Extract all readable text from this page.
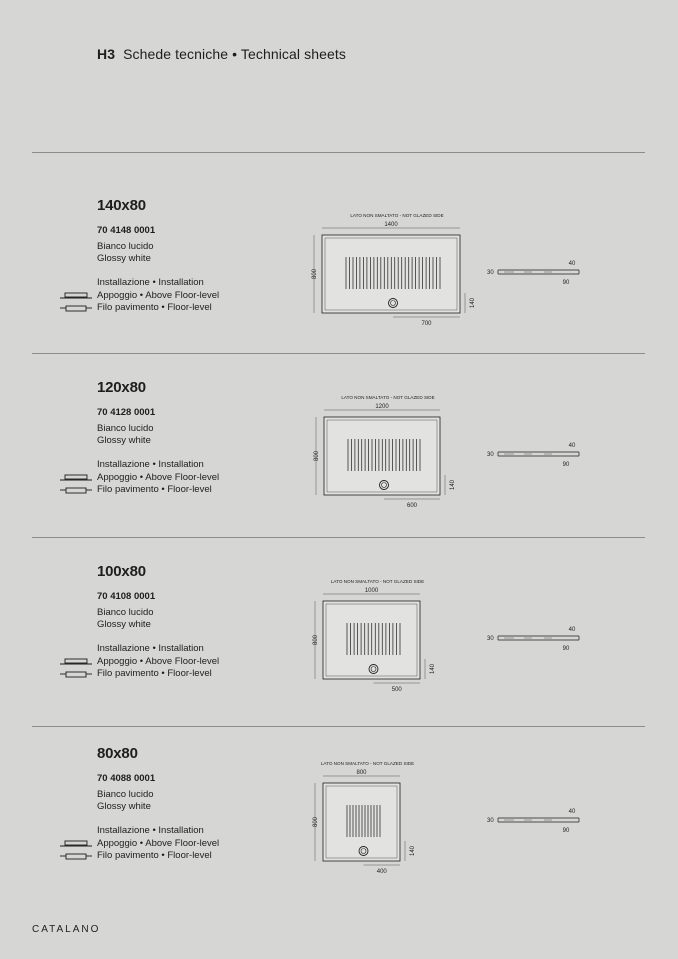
H3 Schede tecniche • Technical sheets
140x80
70 4148 0001
Bianco lucido
Glossy white
Installazione • Installation
Appoggio • Above Floor-level
Filo pavimento • Floor-level
LATO NON SMALTATO - NOT GLAZED SIDE
1400
800
140
700
40
30
90
120x80
70 4128 0001
Bianco lucido
Glossy white
Installazione • Installation
Appoggio • Above Floor-level
Filo pavimento • Floor-level
LATO NON SMALTATO - NOT GLAZED SIDE
1200
800
140
600
40
30
90
100x80
70 4108 0001
Bianco lucido
Glossy white
Installazione • Installation
Appoggio • Above Floor-level
Filo pavimento • Floor-level
LATO NON SMALTATO - NOT GLAZED SIDE
1000
800
140
500
40
30
90
80x80
70 4088 0001
Bianco lucido
Glossy white
Installazione • Installation
Appoggio • Above Floor-level
Filo pavimento • Floor-level
LATO NON SMALTATO - NOT GLAZED SIDE
800
800
140
400
40
30
90
CATALANO
